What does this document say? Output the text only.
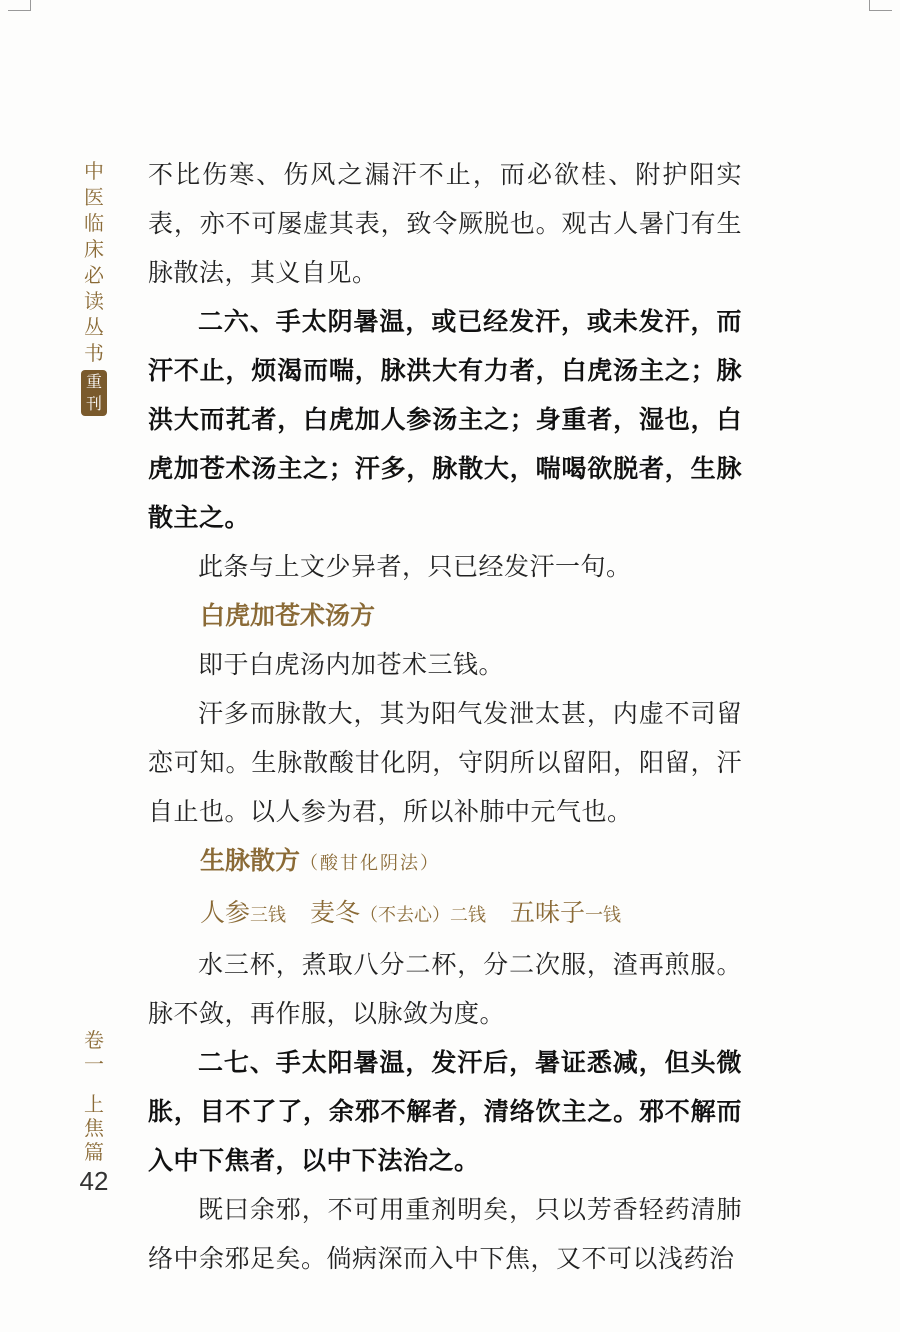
中
医
临
床
必
读
丛
书
重
刊
卷
一
上
焦
篇
42

不比伤寒、伤风之漏汗不止，而必欲桂、附护阳实表，亦不可屡虚其表，致令厥脱也。观古人暑门有生脉散法，其义自见。

二六、手太阴暑温，或已经发汗，或未发汗，而汗不止，烦渴而喘，脉洪大有力者，白虎汤主之；脉洪大而芤者，白虎加人参汤主之；身重者，湿也，白虎加苍术汤主之；汗多，脉散大，喘喝欲脱者，生脉散主之。

此条与上文少异者，只已经发汗一句。

白虎加苍术汤方

即于白虎汤内加苍术三钱。

汗多而脉散大，其为阳气发泄太甚，内虚不司留恋可知。生脉散酸甘化阴，守阴所以留阳，阳留，汗自止也。以人参为君，所以补肺中元气也。

生脉散方（酸甘化阴法）

人参三钱 麦冬（不去心）二钱 五味子一钱

水三杯，煮取八分二杯，分二次服，渣再煎服。脉不敛，再作服，以脉敛为度。

二七、手太阳暑温，发汗后，暑证悉减，但头微胀，目不了了，余邪不解者，清络饮主之。邪不解而入中下焦者，以中下法治之。

既曰余邪，不可用重剂明矣，只以芳香轻药清肺络中余邪足矣。倘病深而入中下焦，又不可以浅药治
